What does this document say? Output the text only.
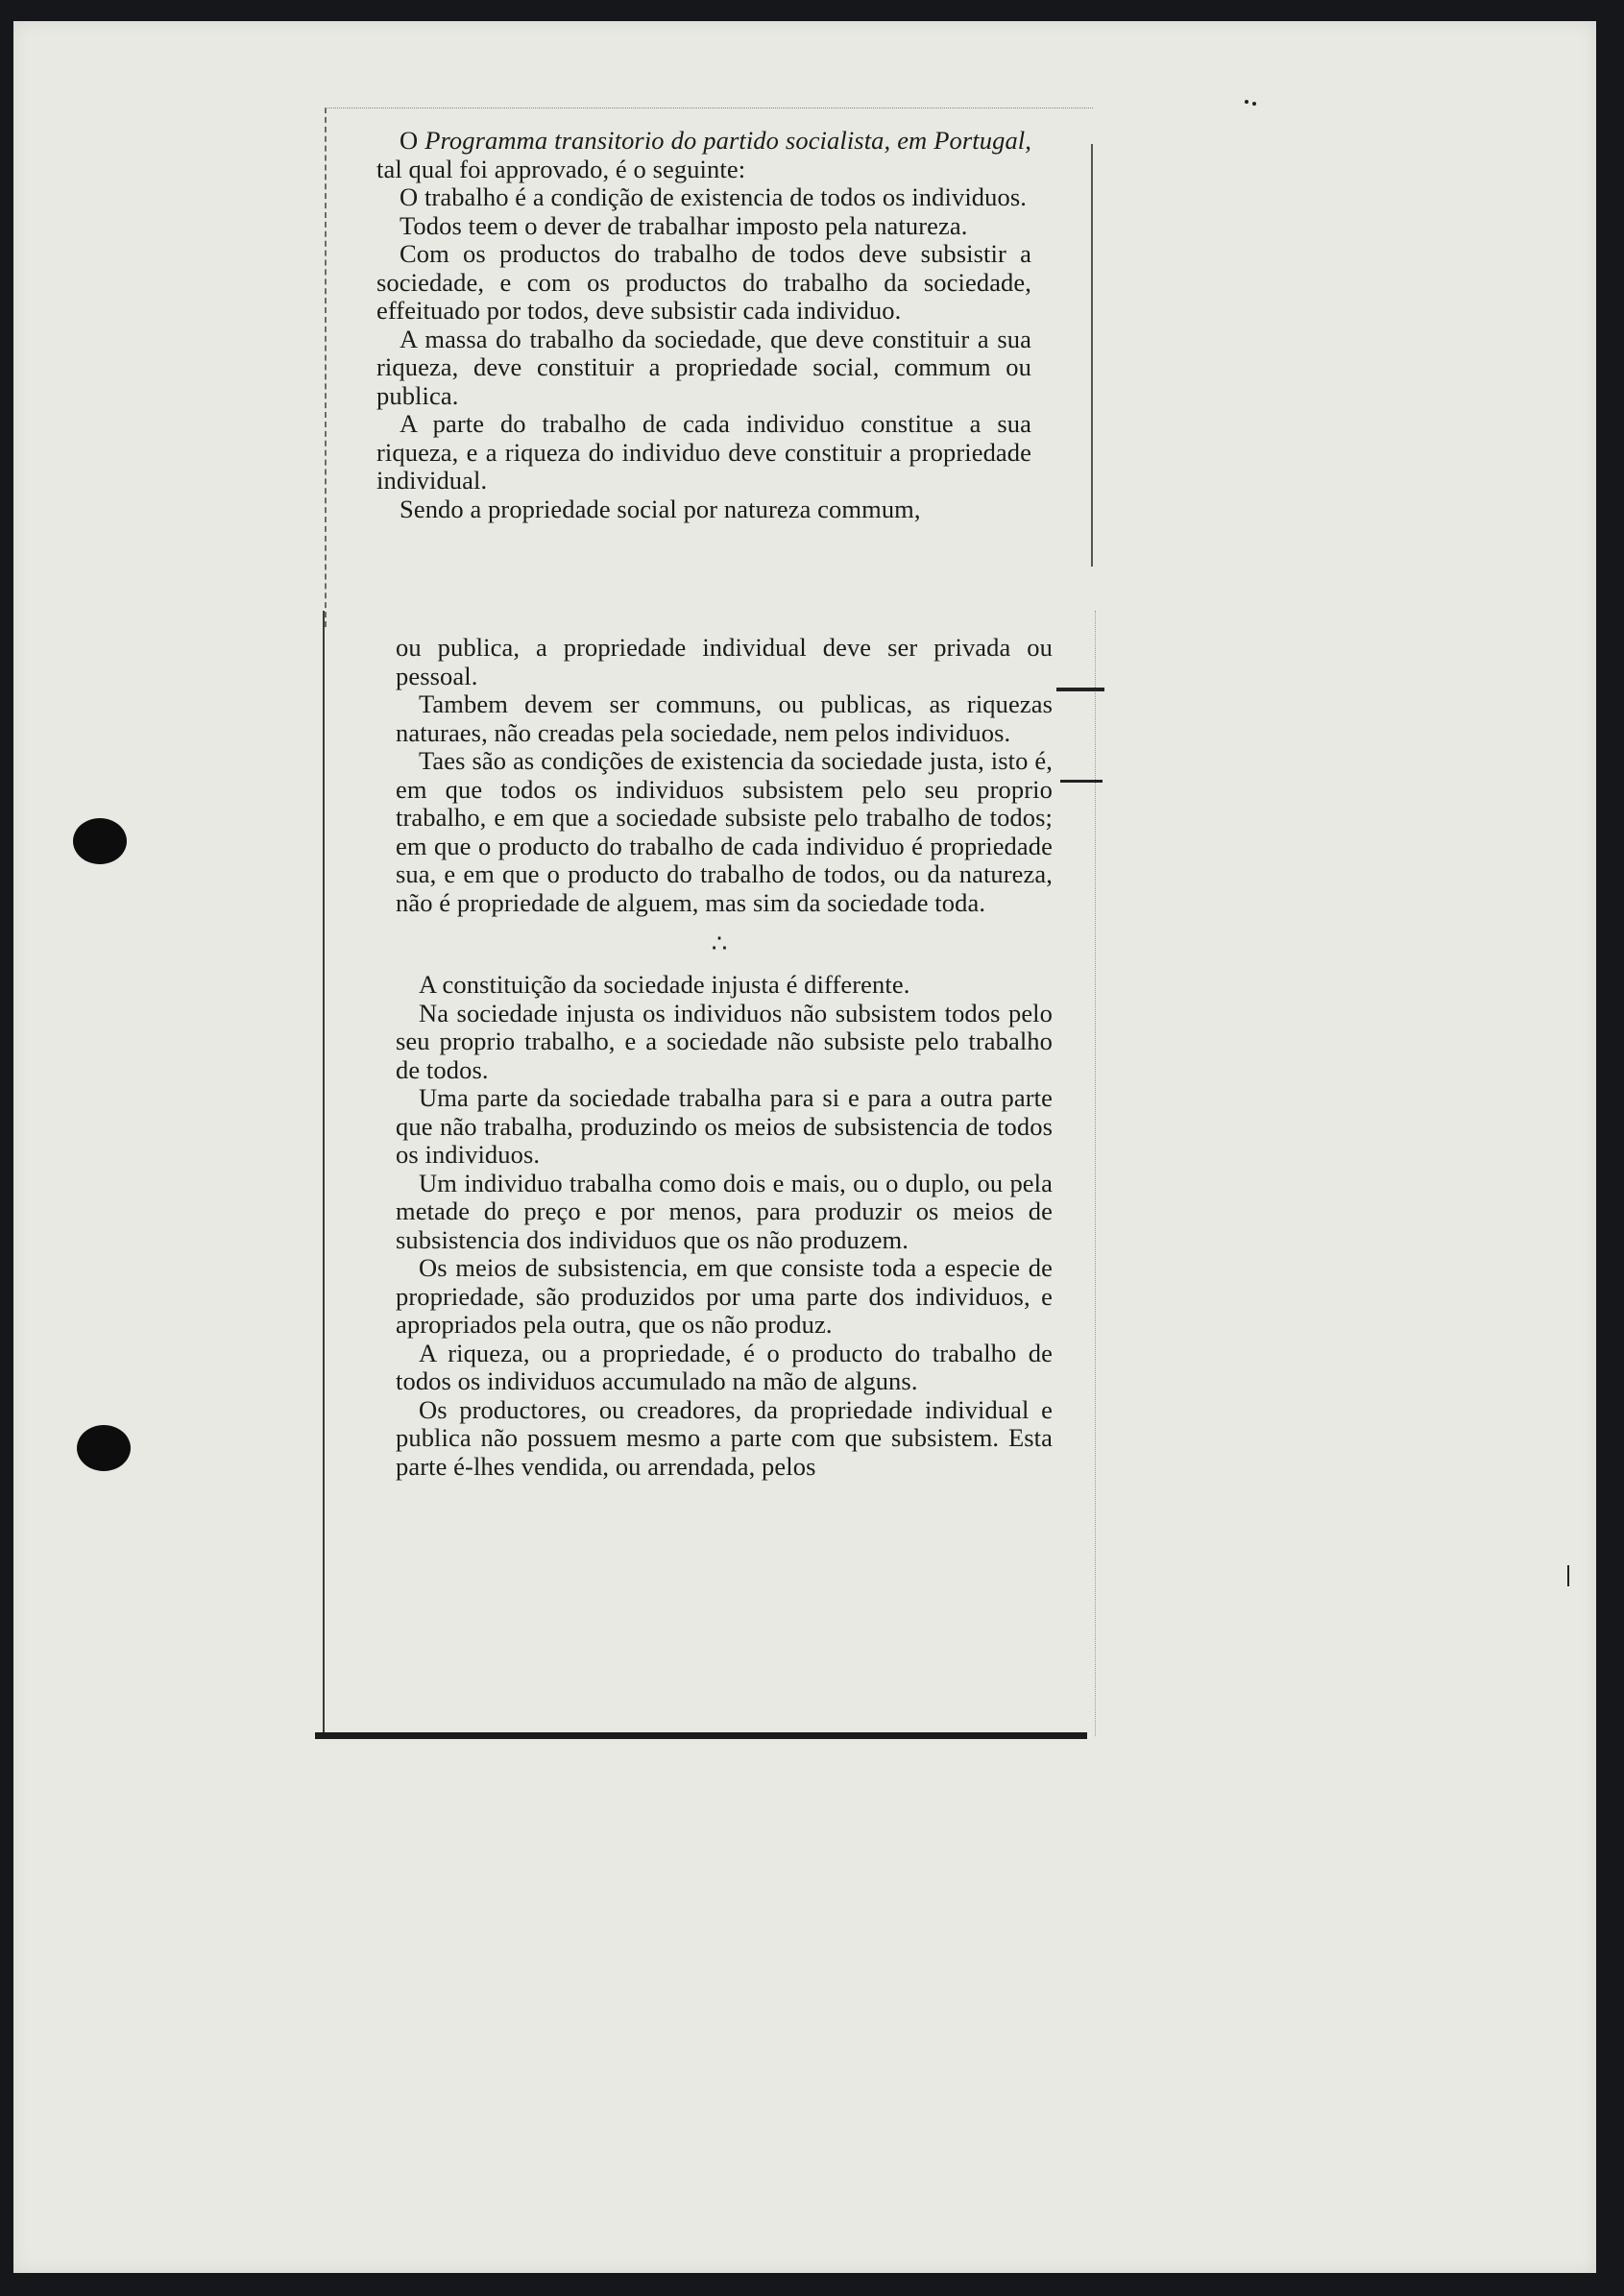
O Programma transitorio do partido socialista, em Portugal, tal qual foi approvado, é o seguinte:

O trabalho é a condição de existencia de todos os individuos.

Todos teem o dever de trabalhar imposto pela natureza.

Com os productos do trabalho de todos deve subsistir a sociedade, e com os productos do trabalho da sociedade, effeituado por todos, deve subsistir cada individuo.

A massa do trabalho da sociedade, que deve constituir a sua riqueza, deve constituir a propriedade social, commum ou publica.

A parte do trabalho de cada individuo constitue a sua riqueza, e a riqueza do individuo deve constituir a propriedade individual.

Sendo a propriedade social por natureza commum,

ou publica, a propriedade individual deve ser privada ou pessoal.

Tambem devem ser communs, ou publicas, as riquezas naturaes, não creadas pela sociedade, nem pelos individuos.

Taes são as condições de existencia da sociedade justa, isto é, em que todos os individuos subsistem pelo seu proprio trabalho, e em que a sociedade subsiste pelo trabalho de todos; em que o producto do trabalho de cada individuo é propriedade sua, e em que o producto do trabalho de todos, ou da natureza, não é propriedade de alguem, mas sim da sociedade toda.

∴

A constituição da sociedade injusta é differente.

Na sociedade injusta os individuos não subsistem todos pelo seu proprio trabalho, e a sociedade não subsiste pelo trabalho de todos.

Uma parte da sociedade trabalha para si e para a outra parte que não trabalha, produzindo os meios de subsistencia de todos os individuos.

Um individuo trabalha como dois e mais, ou o duplo, ou pela metade do preço e por menos, para produzir os meios de subsistencia dos individuos que os não produzem.

Os meios de subsistencia, em que consiste toda a especie de propriedade, são produzidos por uma parte dos individuos, e apropriados pela outra, que os não produz.

A riqueza, ou a propriedade, é o producto do trabalho de todos os individuos accumulado na mão de alguns.

Os productores, ou creadores, da propriedade individual e publica não possuem mesmo a parte com que subsistem. Esta parte é-lhes vendida, ou arrendada, pelos
